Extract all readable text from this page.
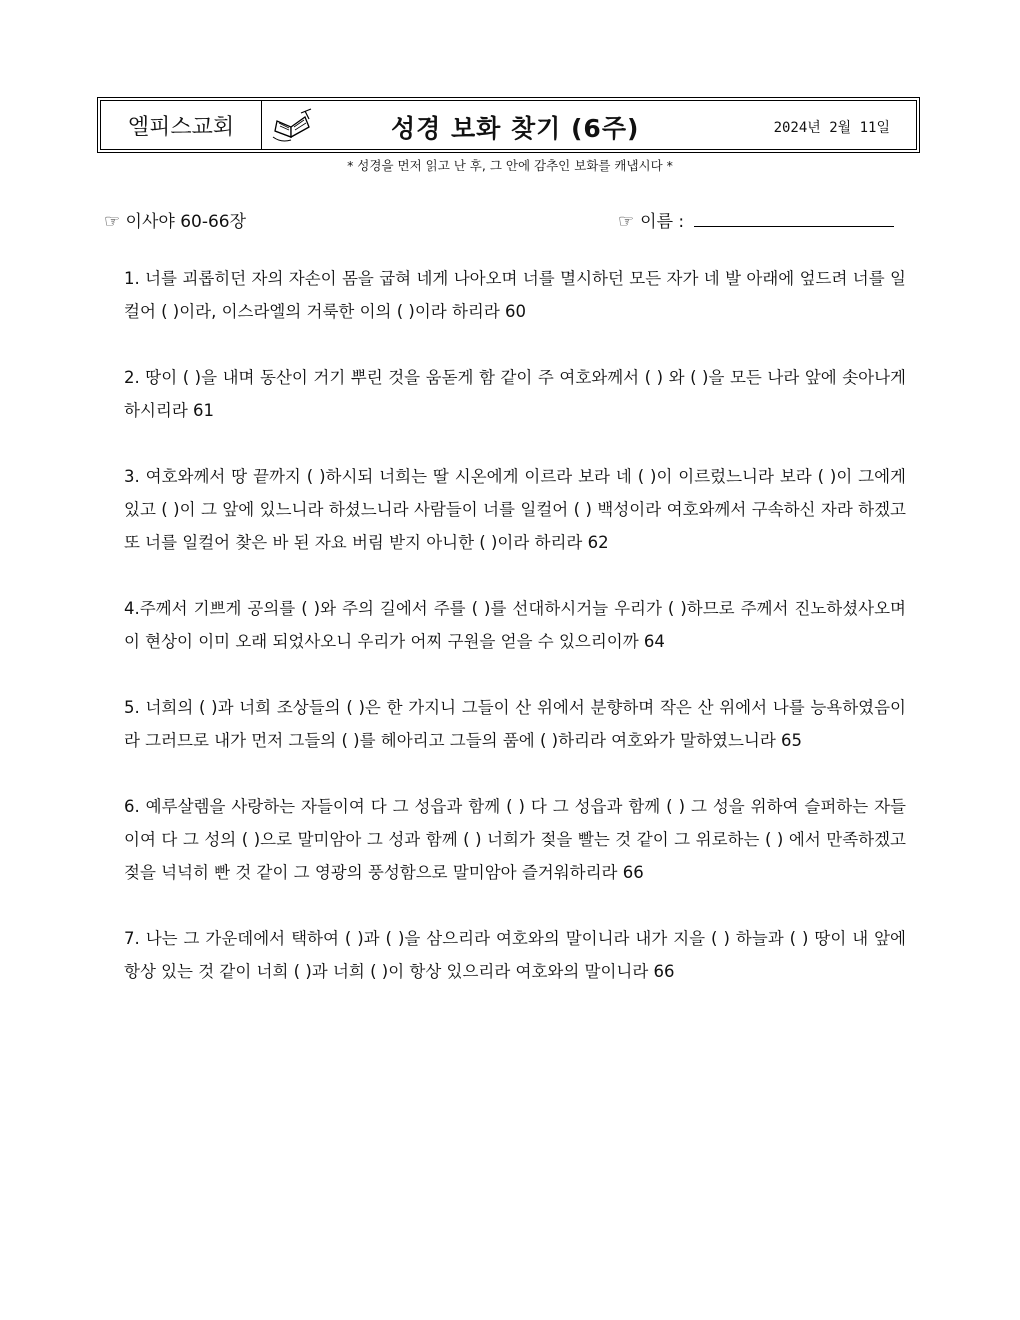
엘피스교회	성경 보화 찾기 (6주)	2024년 2월 11일
* 성경을 먼저 읽고 난 후, 그 안에 감추인 보화를 캐냅시다 *
☞ 이사야 60-66장	☞ 이름 :

1. 너를 괴롭히던 자의 자손이 몸을 굽혀 네게 나아오며 너를 멸시하던 모든 자가 네 발 아래에 엎드려 너를 일컬어 ( )이라, 이스라엘의 거룩한 이의 ( )이라 하리라 60

2. 땅이 ( )을 내며 동산이 거기 뿌린 것을 움돋게 함 같이 주 여호와께서 ( ) 와 ( )을 모든 나라 앞에 솟아나게 하시리라 61

3. 여호와께서 땅 끝까지 ( )하시되 너희는 딸 시온에게 이르라 보라 네 ( )이 이르렀느니라 보라 ( )이 그에게 있고 ( )이 그 앞에 있느니라 하셨느니라 사람들이 너를 일컬어 ( ) 백성이라 여호와께서 구속하신 자라 하겠고 또 너를 일컬어 찾은 바 된 자요 버림 받지 아니한 ( )이라 하리라 62

4.주께서 기쁘게 공의를 ( )와 주의 길에서 주를 ( )를 선대하시거늘 우리가 ( )하므로 주께서 진노하셨사오며 이 현상이 이미 오래 되었사오니 우리가 어찌 구원을 얻을 수 있으리이까 64

5. 너희의 ( )과 너희 조상들의 ( )은 한 가지니 그들이 산 위에서 분향하며 작은 산 위에서 나를 능욕하였음이라 그러므로 내가 먼저 그들의 ( )를 헤아리고 그들의 품에 ( )하리라 여호와가 말하였느니라 65

6. 예루살렘을 사랑하는 자들이여 다 그 성읍과 함께 ( ) 다 그 성읍과 함께 ( ) 그 성을 위하여 슬퍼하는 자들이여 다 그 성의 ( )으로 말미암아 그 성과 함께 ( ) 너희가 젖을 빨는 것 같이 그 위로하는 ( ) 에서 만족하겠고 젖을 넉넉히 빤 것 같이 그 영광의 풍성함으로 말미암아 즐거워하리라 66

7. 나는 그 가운데에서 택하여 ( )과 ( )을 삼으리라 여호와의 말이니라 내가 지을 ( ) 하늘과 ( ) 땅이 내 앞에 항상 있는 것 같이 너희 ( )과 너희 ( )이 항상 있으리라 여호와의 말이니라 66
